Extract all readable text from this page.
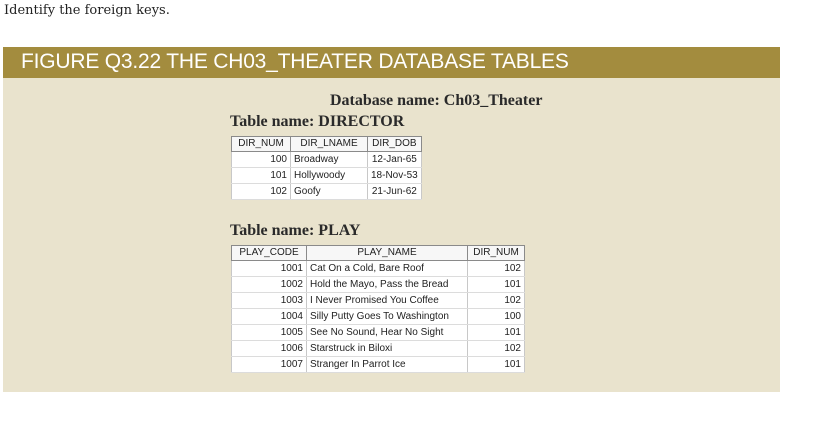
Identify the foreign keys.
FIGURE Q3.22 THE CH03_THEATER DATABASE TABLES
Database name: Ch03_Theater
Table name: DIRECTOR
DIR_NUM	DIR_LNAME	DIR_DOB
100	Broadway	12-Jan-65
101	Hollywoody	18-Nov-53
102	Goofy	21-Jun-62
Table name: PLAY
PLAY_CODE	PLAY_NAME	DIR_NUM
1001	Cat On a Cold, Bare Roof	102
1002	Hold the Mayo, Pass the Bread	101
1003	I Never Promised You Coffee	102
1004	Silly Putty Goes To Washington	100
1005	See No Sound, Hear No Sight	101
1006	Starstruck in Biloxi	102
1007	Stranger In Parrot Ice	101
